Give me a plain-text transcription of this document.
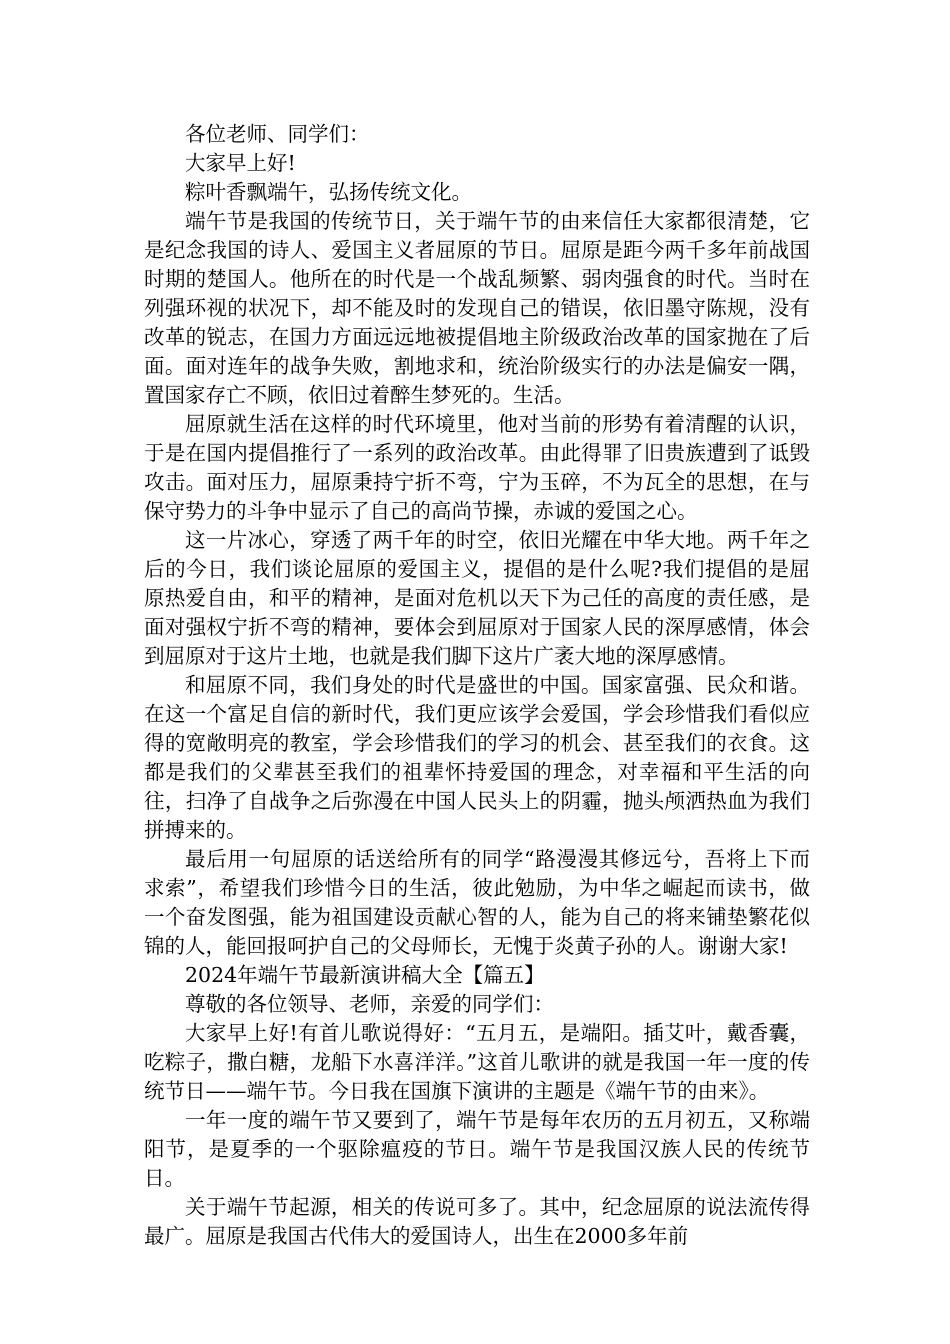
各位老师、同学们：

大家早上好!

粽叶香飘端午，弘扬传统文化。

端午节是我国的传统节日，关于端午节的由来信任大家都很清楚，它是纪念我国的诗人、爱国主义者屈原的节日。屈原是距今两千多年前战国时期的楚国人。他所在的时代是一个战乱频繁、弱肉强食的时代。当时在列强环视的状况下，却不能及时的发现自己的错误，依旧墨守陈规，没有改革的锐志，在国力方面远远地被提倡地主阶级政治改革的国家抛在了后面。面对连年的战争失败，割地求和，统治阶级实行的办法是偏安一隅，置国家存亡不顾，依旧过着醉生梦死的。生活。

屈原就生活在这样的时代环境里，他对当前的形势有着清醒的认识，于是在国内提倡推行了一系列的政治改革。由此得罪了旧贵族遭到了诋毁攻击。面对压力，屈原秉持宁折不弯，宁为玉碎，不为瓦全的思想，在与保守势力的斗争中显示了自己的高尚节操，赤诚的爱国之心。

这一片冰心，穿透了两千年的时空，依旧光耀在中华大地。两千年之后的今日，我们谈论屈原的爱国主义，提倡的是什么呢?我们提倡的是屈原热爱自由，和平的精神，是面对危机以天下为己任的高度的责任感，是面对强权宁折不弯的精神，要体会到屈原对于国家人民的深厚感情，体会到屈原对于这片土地，也就是我们脚下这片广袤大地的深厚感情。

和屈原不同，我们身处的时代是盛世的中国。国家富强、民众和谐。在这一个富足自信的新时代，我们更应该学会爱国，学会珍惜我们看似应得的宽敞明亮的教室，学会珍惜我们的学习的机会、甚至我们的衣食。这都是我们的父辈甚至我们的祖辈怀持爱国的理念，对幸福和平生活的向往，扫净了自战争之后弥漫在中国人民头上的阴霾，抛头颅洒热血为我们拼搏来的。

最后用一句屈原的话送给所有的同学“路漫漫其修远兮，吾将上下而求索”，希望我们珍惜今日的生活，彼此勉励，为中华之崛起而读书，做一个奋发图强，能为祖国建设贡献心智的人，能为自己的将来铺垫繁花似锦的人，能回报呵护自己的父母师长，无愧于炎黄子孙的人。谢谢大家!

2024年端午节最新演讲稿大全【篇五】

尊敬的各位领导、老师，亲爱的同学们：

大家早上好!有首儿歌说得好：“五月五，是端阳。插艾叶，戴香囊，吃粽子，撒白糖，龙船下水喜洋洋。”这首儿歌讲的就是我国一年一度的传统节日——端午节。今日我在国旗下演讲的主题是《端午节的由来》。

一年一度的端午节又要到了，端午节是每年农历的五月初五，又称端阳节，是夏季的一个驱除瘟疫的节日。端午节是我国汉族人民的传统节日。

关于端午节起源，相关的传说可多了。其中，纪念屈原的说法流传得最广。屈原是我国古代伟大的爱国诗人，出生在2000多年前
